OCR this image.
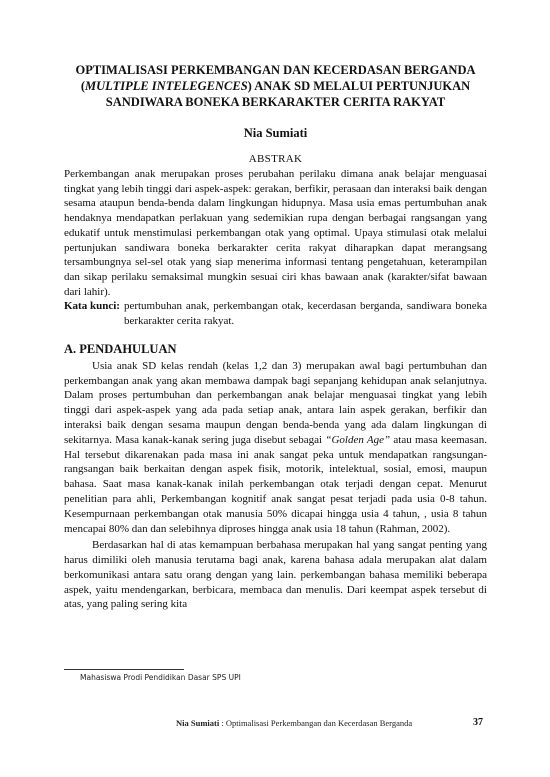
OPTIMALISASI PERKEMBANGAN DAN KECERDASAN BERGANDA (MULTIPLE INTELEGENCES) ANAK SD MELALUI PERTUNJUKAN SANDIWARA BONEKA BERKARAKTER CERITA RAKYAT

Nia Sumiati
ABSTRAK

Perkembangan anak merupakan proses perubahan perilaku dimana anak belajar menguasai tingkat yang lebih tinggi dari aspek-aspek: gerakan, berfikir, perasaan dan interaksi baik dengan sesama ataupun benda-benda dalam lingkungan hidupnya. Masa usia emas pertumbuhan anak hendaknya mendapatkan perlakuan yang sedemikian rupa dengan berbagai rangsangan yang edukatif untuk menstimulasi perkembangan otak yang optimal. Upaya stimulasi otak melalui pertunjukan sandiwara boneka berkarakter cerita rakyat diharapkan dapat merangsang tersambungnya sel-sel otak yang siap menerima informasi tentang pengetahuan, keterampilan dan sikap perilaku semaksimal mungkin sesuai ciri khas bawaan anak (karakter/sifat bawaan dari lahir).

Kata kunci: pertumbuhan anak, perkembangan otak, kecerdasan berganda, sandiwara boneka berkarakter cerita rakyat.
A. PENDAHULUAN

Usia anak SD kelas rendah (kelas 1,2 dan 3) merupakan awal bagi pertumbuhan dan perkembangan anak yang akan membawa dampak bagi sepanjang kehidupan anak selanjutnya. Dalam proses pertumbuhan dan perkembangan anak belajar menguasai tingkat yang lebih tinggi dari aspek-aspek yang ada pada setiap anak, antara lain aspek gerakan, berfikir dan interaksi baik dengan sesama maupun dengan benda-benda yang ada dalam lingkungan di sekitarnya. Masa kanak-kanak sering juga disebut sebagai “Golden Age” atau masa keemasan. Hal tersebut dikarenakan pada masa ini anak sangat peka untuk mendapatkan rangsungan-rangsangan baik berkaitan dengan aspek fisik, motorik, intelektual, sosial, emosi, maupun bahasa. Saat masa kanak-kanak inilah perkembangan otak terjadi dengan cepat. Menurut penelitian para ahli, Perkembangan kognitif anak sangat pesat terjadi pada usia 0-8 tahun. Kesempurnaan perkembangan otak manusia 50% dicapai hingga usia 4 tahun, , usia 8 tahun mencapai 80% dan dan selebihnya diproses hingga anak usia 18 tahun (Rahman, 2002).

Berdasarkan hal di atas kemampuan berbahasa merupakan hal yang sangat penting yang harus dimiliki oleh manusia terutama bagi anak, karena bahasa adala merupakan alat dalam berkomunikasi antara satu orang dengan yang lain. perkembangan bahasa memiliki beberapa aspek, yaitu mendengarkan, berbicara, membaca dan menulis. Dari keempat aspek tersebut di atas, yang paling sering kita

Mahasiswa Prodi Pendidikan Dasar SPS UPI
Nia Sumiati : Optimalisasi Perkembangan dan Kecerdasan Berganda	37
